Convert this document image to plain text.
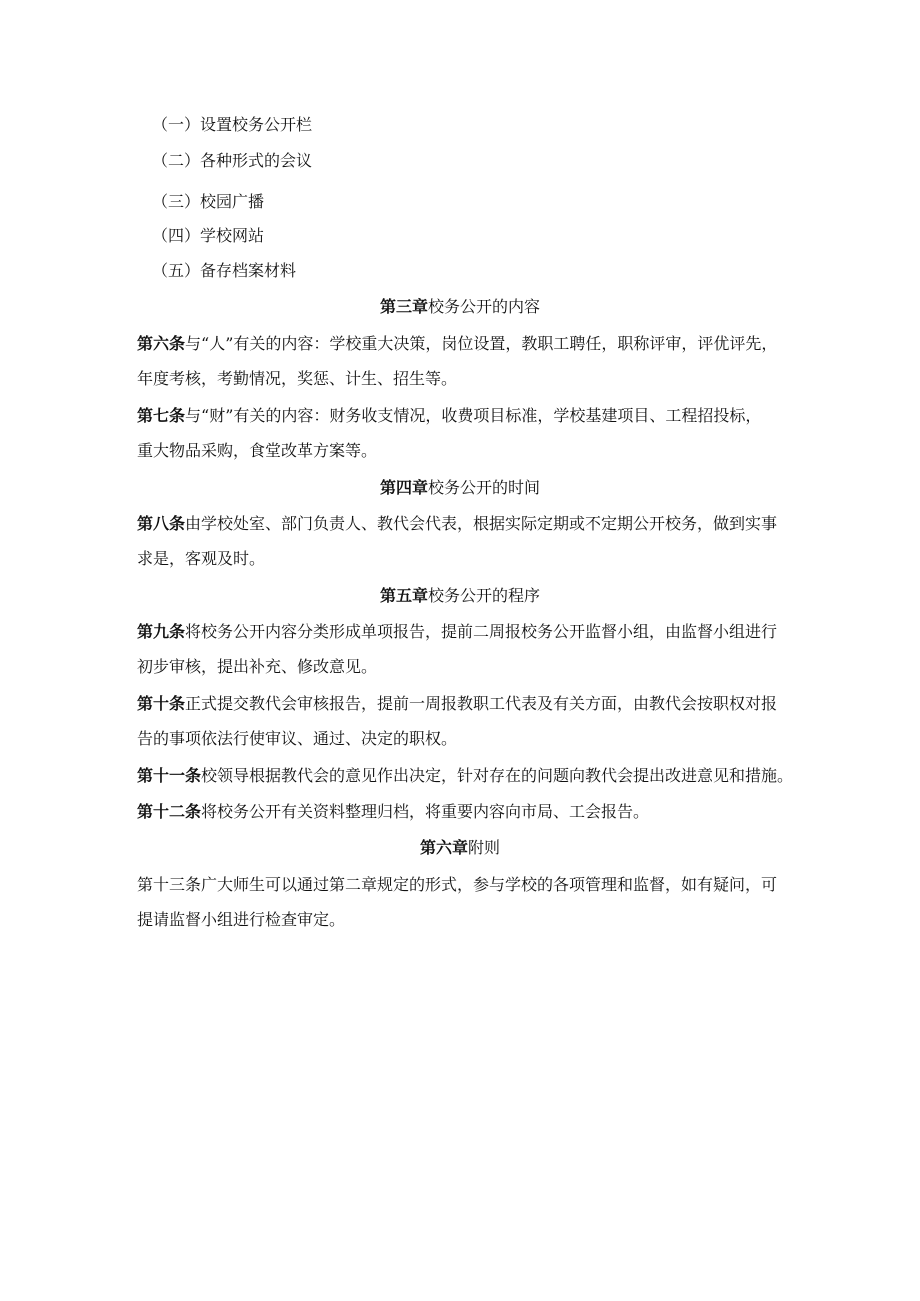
（一）设置校务公开栏
（二）各种形式的会议
（三）校园广播
（四）学校网站
（五）备存档案材料
第三章校务公开的内容
第六条与“人”有关的内容：学校重大决策，岗位设置，教职工聘任，职称评审，评优评先，
年度考核，考勤情况，奖惩、计生、招生等。
第七条与“财”有关的内容：财务收支情况，收费项目标准，学校基建项目、工程招投标，
重大物品采购，食堂改革方案等。
第四章校务公开的时间
第八条由学校处室、部门负责人、教代会代表，根据实际定期或不定期公开校务，做到实事
求是，客观及时。
第五章校务公开的程序
第九条将校务公开内容分类形成单项报告，提前二周报校务公开监督小组，由监督小组进行
初步审核，提出补充、修改意见。
第十条正式提交教代会审核报告，提前一周报教职工代表及有关方面，由教代会按职权对报
告的事项依法行使审议、通过、决定的职权。
第十一条校领导根据教代会的意见作出决定，针对存在的问题向教代会提出改进意见和措施。
第十二条将校务公开有关资料整理归档，将重要内容向市局、工会报告。
第六章附则
第十三条广大师生可以通过第二章规定的形式，参与学校的各项管理和监督，如有疑问，可
提请监督小组进行检查审定。
